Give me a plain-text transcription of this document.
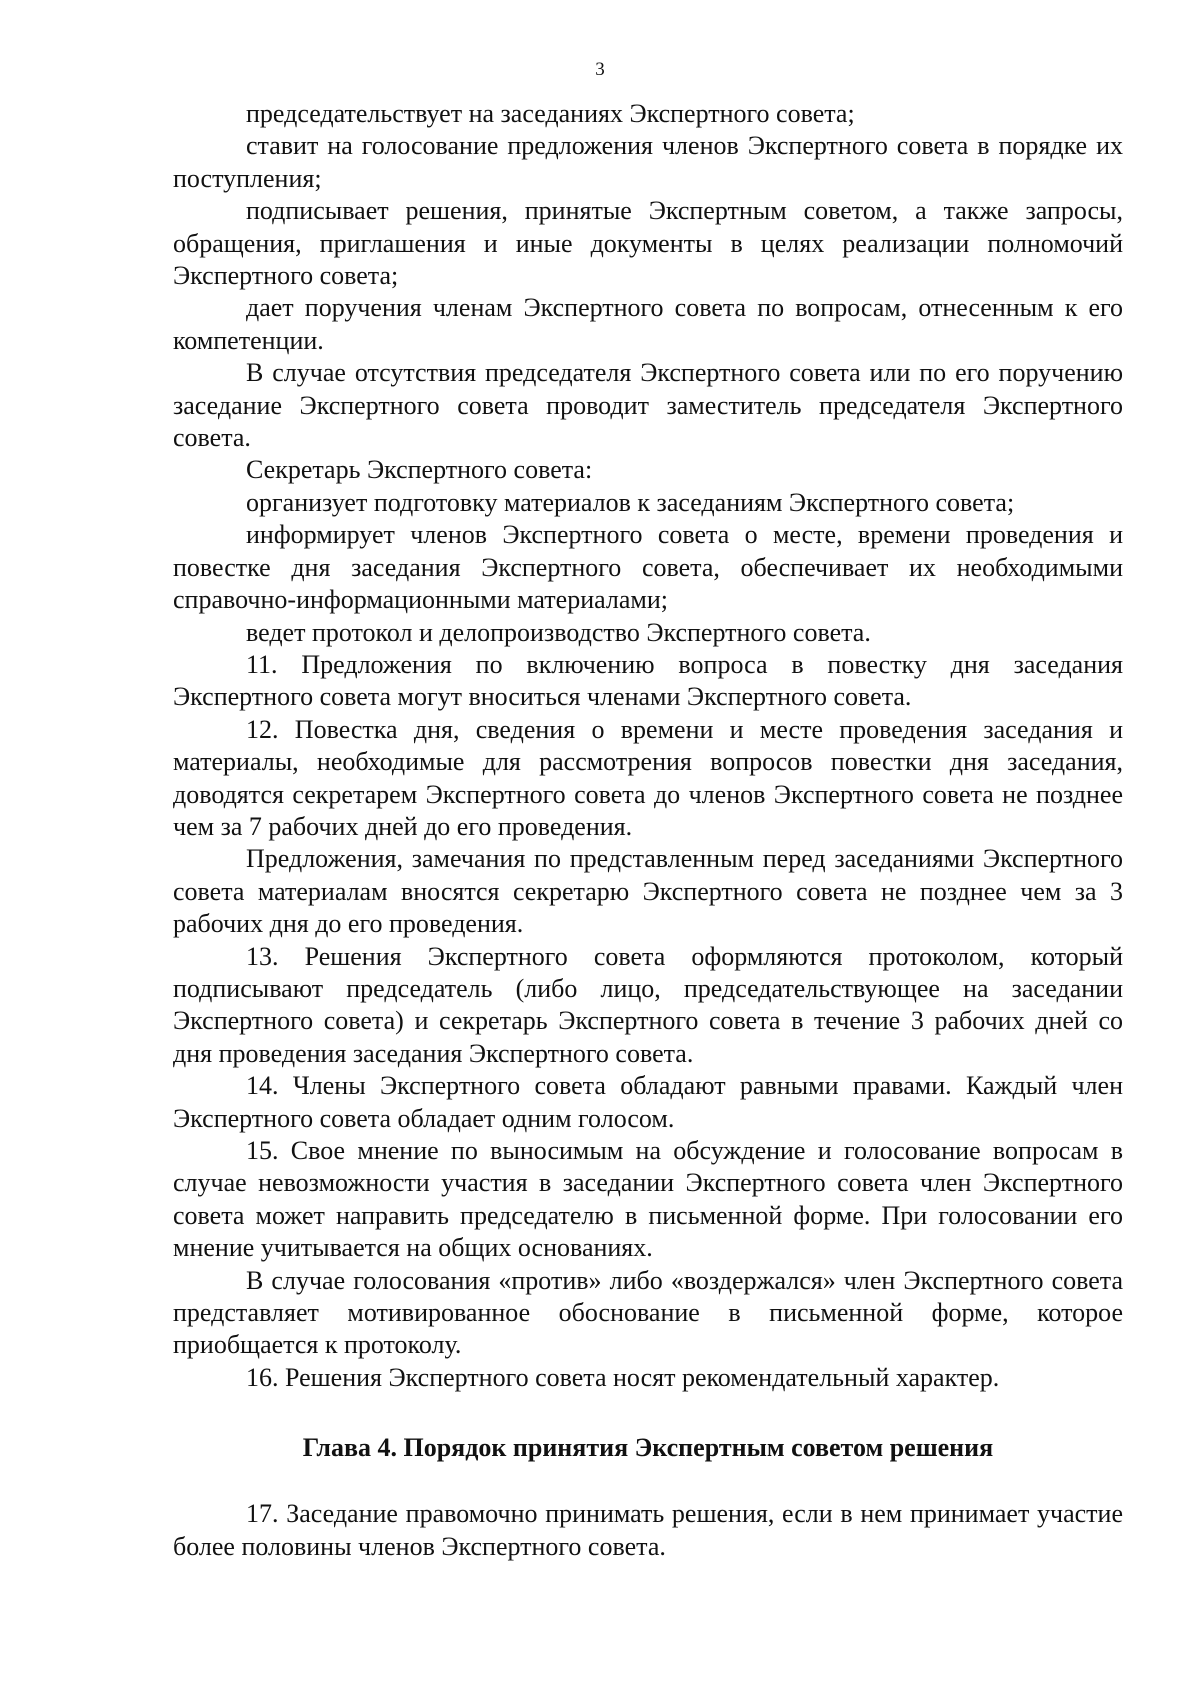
3

председательствует на заседаниях Экспертного совета;

ставит на голосование предложения членов Экспертного совета в порядке их поступления;

подписывает решения, принятые Экспертным советом, а также запросы, обращения, приглашения и иные документы в целях реализации полномочий Экспертного совета;

дает поручения членам Экспертного совета по вопросам, отнесенным к его компетенции.

В случае отсутствия председателя Экспертного совета или по его поручению заседание Экспертного совета проводит заместитель председателя Экспертного совета.

Секретарь Экспертного совета:

организует подготовку материалов к заседаниям Экспертного совета;

информирует членов Экспертного совета о месте, времени проведения и повестке дня заседания Экспертного совета, обеспечивает их необходимыми справочно-информационными материалами;

ведет протокол и делопроизводство Экспертного совета.

11. Предложения по включению вопроса в повестку дня заседания Экспертного совета могут вноситься членами Экспертного совета.

12. Повестка дня, сведения о времени и месте проведения заседания и материалы, необходимые для рассмотрения вопросов повестки дня заседания, доводятся секретарем Экспертного совета до членов Экспертного совета не позднее чем за 7 рабочих дней до его проведения.

Предложения, замечания по представленным перед заседаниями Экспертного совета материалам вносятся секретарю Экспертного совета не позднее чем за 3 рабочих дня до его проведения.

13. Решения Экспертного совета оформляются протоколом, который подписывают председатель (либо лицо, председательствующее на заседании Экспертного совета) и секретарь Экспертного совета в течение 3 рабочих дней со дня проведения заседания Экспертного совета.

14. Члены Экспертного совета обладают равными правами. Каждый член Экспертного совета обладает одним голосом.

15. Свое мнение по выносимым на обсуждение и голосование вопросам в случае невозможности участия в заседании Экспертного совета член Экспертного совета может направить председателю в письменной форме. При голосовании его мнение учитывается на общих основаниях.

В случае голосования «против» либо «воздержался» член Экспертного совета представляет мотивированное обоснование в письменной форме, которое приобщается к протоколу.

16. Решения Экспертного совета носят рекомендательный характер.

Глава 4. Порядок принятия Экспертным советом решения

17. Заседание правомочно принимать решения, если в нем принимает участие более половины членов Экспертного совета.
